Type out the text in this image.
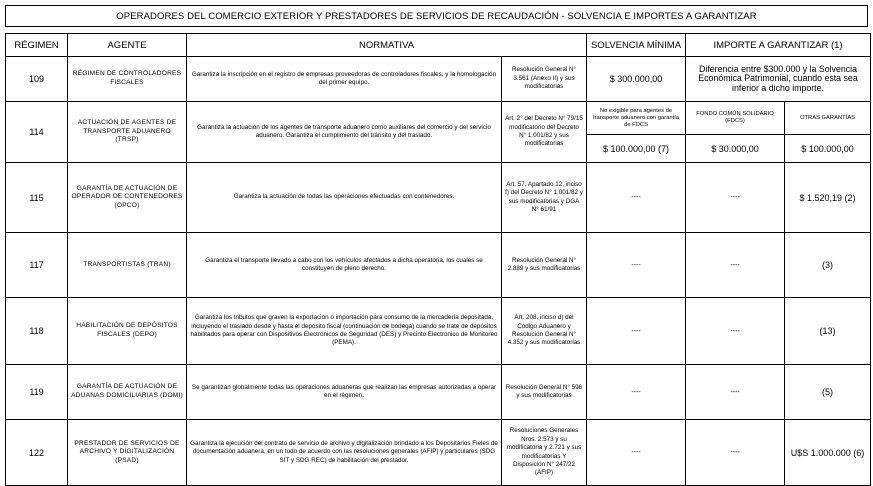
OPERADORES DEL COMERCIO EXTERIOR Y PRESTADORES DE SERVICIOS DE RECAUDACIÓN - SOLVENCIA E IMPORTES A GARANTIZAR
RÉGIMEN	AGENTE	NORMATIVA		SOLVENCIA MÍNIMA	IMPORTE A GARANTIZAR (1)	
109	RÉGIMEN DE CONTROLADORES FISCALES	Garantiza la inscripción en el registro de empresas proveedoras de controladores fiscales, y la homologación del primer equipo.	Resolución General N° 3.561 (Anexo II) y sus modificatorias	$ 300.000,00	Diferencia entre $300.000 y la Solvencia Económica Patrimonial, cuando esta sea inferior a dicho importe.	
114	ACTUACIÓN DE AGENTES DE TRANSPORTE ADUANERO (TRSP)	Garantiza la actuación de los agentes de transporte aduanero como auxiliares del comercio y del servicio aduanero. Garantiza el cumplimiento del tránsito y del traslado.	Art. 2° del Decreto N° 79/15 modificatorio del Decreto N° 1.001/82 y sus modificatorias	No exigible para agentes de transporte aduanero con garantía de FDCS	FONDO COMÚN SOLIDARIO (FDCS)	OTRAS GARANTÍAS
				$ 100.000,00 (7)	$ 30.000,00	$ 100.000,00
115	GARANTÍA DE ACTUACIÓN DE OPERADOR DE CONTENEDORES (OPCO)	Garantiza la actuación de todas las operaciones efectuadas con contenedores.	Art. 57, Apartado 12, inciso f) del Decreto N° 1.001/82 y sus modificatorias y DGA N° 61/91	----	----	$ 1.520,19 (2)
117	TRANSPORTISTAS (TRAN)	Garantiza el transporte llevado a cabo con los vehículos afectados a dicha operatoria, los cuales se constituyen de pleno derecho.	Resolución General N° 2.889 y sus modificatorias	----	----	(3)
118	HABILITACIÓN DE DEPÓSITOS FISCALES (DEPO)	Garantiza los tributos que graven la exportación o importación para consumo de la mercadería depositada, incluyendo el traslado desde y hasta el depósito fiscal (continuación de bodega) cuando se trate de depósitos habilitados para operar con Dispositivos Electrónicos de Seguridad (DES) y Precinto Electrónico de Monitoreo (PEMA).	Art. 208, inciso d) del Código Aduanero y Resolución General N° 4.352 y sus modificatorias	----	----	(13)
119	GARANTÍA DE ACTUACIÓN DE ADUANAS DOMICILIARIAS (DOMI)	Se garantizan globalmente todas las operaciones aduaneras que realizan las empresas autorizadas a operar en el régimen.	Resolución General N° 596 y sus modificatorias	----	----	(5)
122	PRESTADOR DE SERVICIOS DE ARCHIVO Y DIGITALIZACIÓN (PSAD)	Garantiza la ejecución del contrato de servicio de archivo y digitalización brindado a los Depositarios Fieles de documentación aduanera, en un todo de acuerdo con las resoluciones generales (AFIP) y particulares (SDG SIT y SDG REC) de habilitación del prestador.	Resoluciones Generales Nros. 2.573 y su modificatoria y 2.721 y sus modificatorias Y Disposición N° 247/22 (AFIP)	----	----	U$S 1.000.000 (6)
